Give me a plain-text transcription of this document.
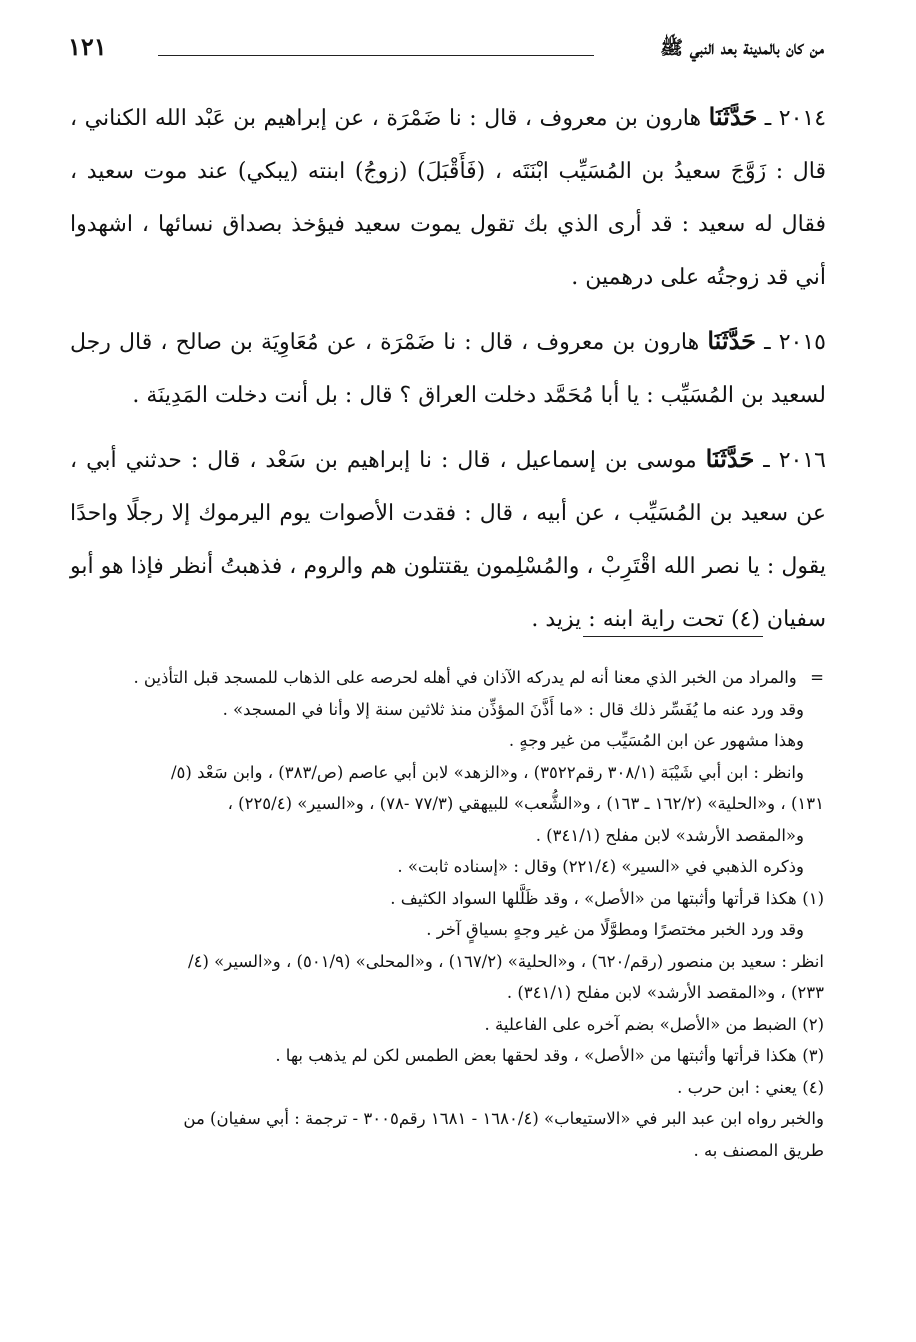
من كان بالمدينة بعد النبي ﷺ
١٢١

٢٠١٤ ـ حَدَّثَنَا هارون بن معروف ، قال : نا ضَمْرَة ، عن إبراهيم بن عَبْد الله الكناني ، قال : زَوَّجَ سعيدُ بن المُسَيِّب ابْنَتَه ، (فَأَقْبَلَ) (زوجُ) ابنته (يبكي) عند موت سعيد ، فقال له سعيد : قد أرى الذي بك تقول يموت سعيد فيؤخذ بصداق نسائها ، اشهدوا أني قد زوجتُه على درهمين .

٢٠١٥ ـ حَدَّثَنَا هارون بن معروف ، قال : نا ضَمْرَة ، عن مُعَاوِيَة بن صالح ، قال رجل لسعيد بن المُسَيِّب : يا أبا مُحَمَّد دخلت العراق ؟ قال : بل أنت دخلت المَدِينَة .

٢٠١٦ ـ حَدَّثَنَا موسى بن إسماعيل ، قال : نا إبراهيم بن سَعْد ، قال : حدثني أبي ، عن سعيد بن المُسَيِّب ، عن أبيه ، قال : فقدت الأصوات يوم اليرموك إلا رجلًا واحدًا يقول : يا نصر الله اقْتَرِبْ ، والمُسْلِمون يقتتلون هم والروم ، فذهبتُ أنظر فإذا هو أبو سفيان (٤) تحت راية ابنه : يزيد .

= والمراد من الخبر الذي معنا أنه لم يدركه الآذان في أهله لحرصه على الذهاب للمسجد قبل التأذين .
وقد ورد عنه ما يُفَسِّر ذلك قال : «ما أَذَّنَ المؤذِّن منذ ثلاثين سنة إلا وأنا في المسجد» .
وهذا مشهور عن ابن المُسَيِّب من غير وجهٍ .
وانظر : ابن أبي شَيْبَة (٣٠٨/١ رقم٣٥٢٢) ، و«الزهد» لابن أبي عاصم (ص/٣٨٣) ، وابن سَعْد (٥/
١٣١) ، و«الحلية» (١٦٢/٢ ـ ١٦٣) ، و«الشُّعب» للبيهقي (٧٧/٣ -٧٨) ، و«السير» (٢٢٥/٤) ،
و«المقصد الأرشد» لابن مفلح (٣٤١/١) .
وذكره الذهبي في «السير» (٢٢١/٤) وقال : «إسناده ثابت» .
(١) هكذا قرأتها وأثبتها من «الأصل» ، وقد ظَلَّلها السواد الكثيف .
وقد ورد الخبر مختصرًا ومطوَّلًا من غير وجهٍ بسياقٍ آخر .
انظر : سعيد بن منصور (رقم/٦٢٠) ، و«الحلية» (١٦٧/٢) ، و«المحلى» (٥٠١/٩) ، و«السير» (٤/
٢٣٣) ، و«المقصد الأرشد» لابن مفلح (٣٤١/١) .
(٢) الضبط من «الأصل» بضم آخره على الفاعلية .
(٣) هكذا قرأتها وأثبتها من «الأصل» ، وقد لحقها بعض الطمس لكن لم يذهب بها .
(٤) يعني : ابن حرب .
والخبر رواه ابن عبد البر في «الاستيعاب» (١٦٨٠/٤ - ١٦٨١ رقم٣٠٠٥ - ترجمة : أبي سفيان) من
طريق المصنف به .
